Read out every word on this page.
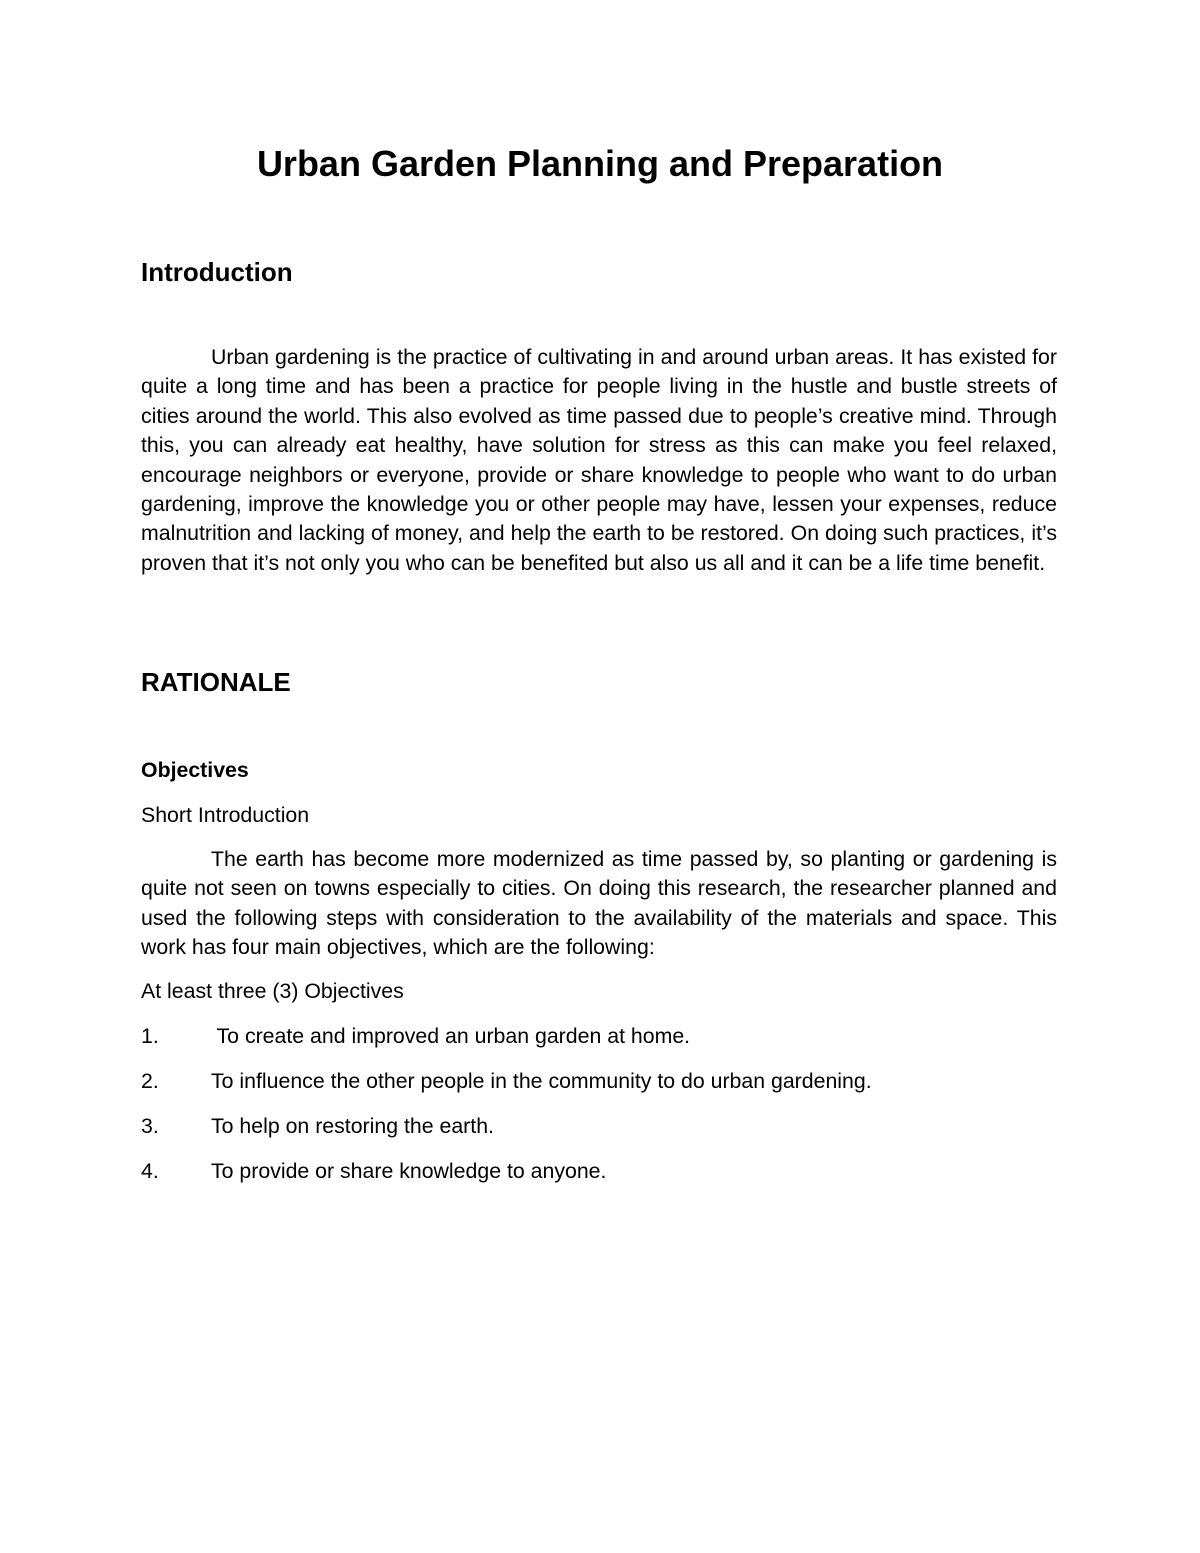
Urban Garden Planning and Preparation
Introduction

Urban gardening is the practice of cultivating in and around urban areas. It has existed for quite a long time and has been a practice for people living in the hustle and bustle streets of cities around the world. This also evolved as time passed due to people’s creative mind. Through this, you can already eat healthy, have solution for stress as this can make you feel relaxed, encourage neighbors or everyone, provide or share knowledge to people who want to do urban gardening, improve the knowledge you or other people may have, lessen your expenses, reduce malnutrition and lacking of money, and help the earth to be restored. On doing such practices, it’s proven that it’s not only you who can be benefited but also us all and it can be a life time benefit.

RATIONALE
Objectives

Short Introduction

The earth has become more modernized as time passed by, so planting or gardening is quite not seen on towns especially to cities. On doing this research, the researcher planned and used the following steps with consideration to the availability of the materials and space. This work has four main objectives, which are the following:

At least three (3) Objectives

1. To create and improved an urban garden at home.
2. To influence the other people in the community to do urban gardening.
3. To help on restoring the earth.
4. To provide or share knowledge to anyone.
